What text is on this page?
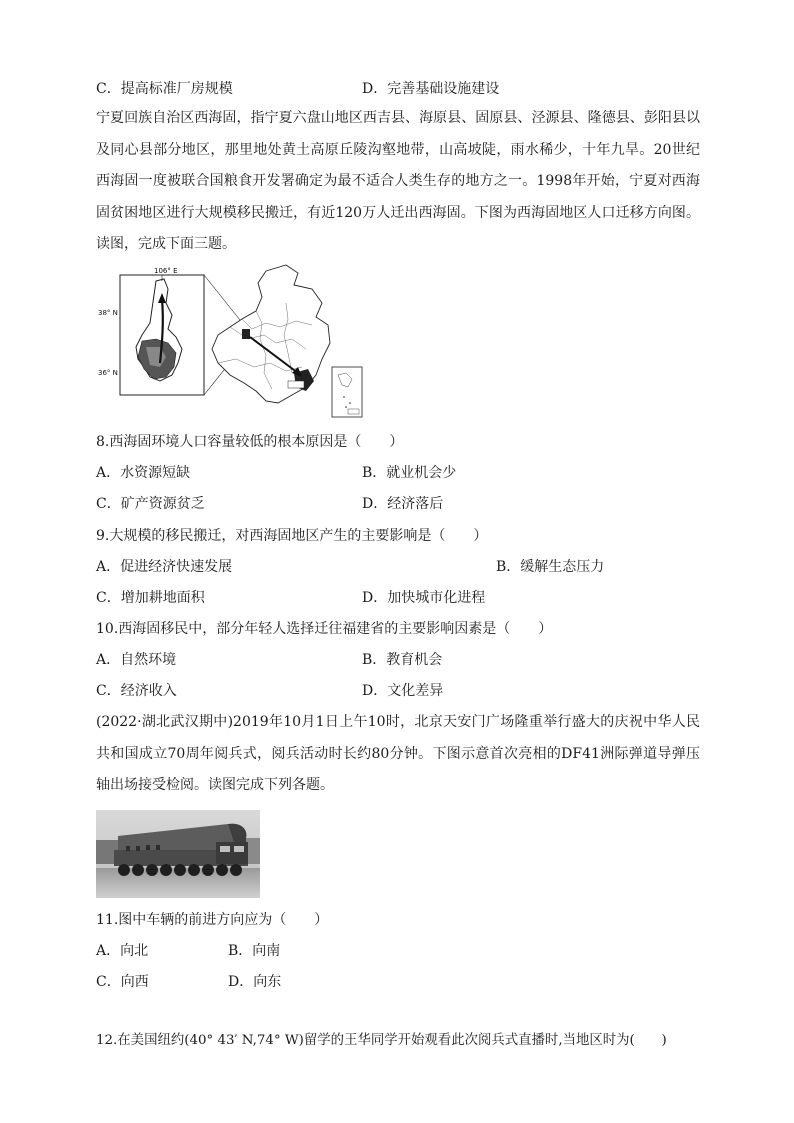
C．提高标准厂房规模	D．完善基础设施建设
宁夏回族自治区西海固，指宁夏六盘山地区西吉县、海原县、固原县、泾源县、隆德县、彭阳县以及同心县部分地区，那里地处黄土高原丘陵沟壑地带，山高坡陡，雨水稀少，十年九旱。20世纪西海固一度被联合国粮食开发署确定为最不适合人类生存的地方之一。1998年开始，宁夏对西海固贫困地区进行大规模移民搬迁，有近120万人迁出西海固。下图为西海固地区人口迁移方向图。读图，完成下面三题。
106° E
38° N
36° N
8.西海固环境人口容量较低的根本原因是（　　）
A．水资源短缺	B．就业机会少
C．矿产资源贫乏	D．经济落后
9.大规模的移民搬迁，对西海固地区产生的主要影响是（　　）
A．促进经济快速发展	B．缓解生态压力
C．增加耕地面积	D．加快城市化进程
10.西海固移民中，部分年轻人选择迁往福建省的主要影响因素是（　　）
A．自然环境	B．教育机会
C．经济收入	D．文化差异
(2022·湖北武汉期中)2019年10月1日上午10时，北京天安门广场隆重举行盛大的庆祝中华人民共和国成立70周年阅兵式，阅兵活动时长约80分钟。下图示意首次亮相的DF41洲际弹道导弹压轴出场接受检阅。读图完成下列各题。
11.图中车辆的前进方向应为（　　）
A．向北	B．向南
C．向西	D．向东
12.在美国纽约(40° 43′ N,74° W)留学的王华同学开始观看此次阅兵式直播时,当地区时为(　　)
